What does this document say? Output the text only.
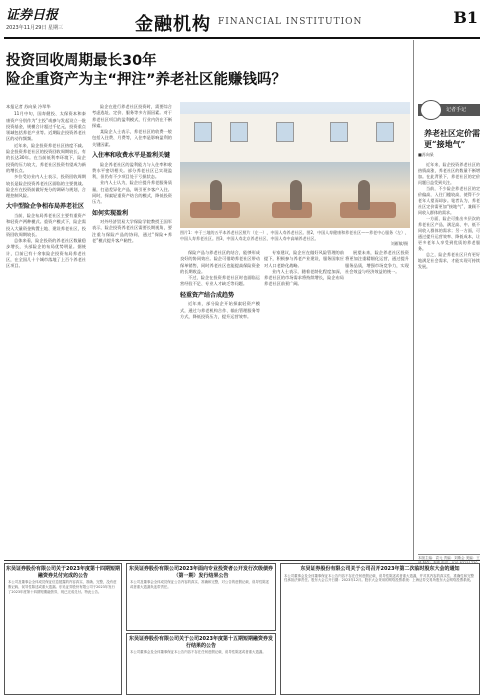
证券日报
2023年11月29日 星期三	金融机构 FINANCIAL INSTITUTION	B1
投资回收周期最长30年
险企重资产为主“押注”养老社区能赚钱吗？
本报记者 苏向杲 冷翠华

11月中旬，国寿健投、太保资本和泰康资产分别作为“主投”或参与发起设立一批投资基金，规模合计超过千亿元，投资重点领域包括养老产业等。近期险企投资养老社区的动作频频。

近年来，险企投资养老社区热度不减。险企投资养老社区的投资回收周期较长，有的长达30年。在当前低利率环境下，险企投资的压力较大，养老社区投资有望成为新的增长点。

多位受访业内人士表示，投资回收周期较长是险企投资养老社区面临的主要挑战。险企应在投资前做好充分的调研与规划，合理控制风险。

大中型险企争相布局养老社区

当前，险企布局养老社区主要有重资产和轻资产两种模式。重资产模式下，险企需投入大量资金购置土地、建设养老社区，投资回收周期较长。

总体来看，险企投资的养老社区数量稳步增长，头部险企的布局优势明显。据统计，目前已有十余家险企投资布局养老社区，在全国几十个城市落地了上百个养老社区项目。

险企在进行养老社区投资时，需要综合考虑选址、定价、服务等多方面因素。对于养老社区项目的盈利模式，行业内仍在不断探索。

某险企人士表示，养老社区的收费一般包括入住费、月费等，入住率是影响盈利的关键因素。

入住率和收费水平是盈利关键

险企养老社区的盈利能力与入住率和收费水平密切相关。部分养老社区已实现盈利，但仍有不少项目处于亏损状态。

业内人士认为，险企应提升养老服务质量，打造差异化产品，吸引更多客户入住。同时，探索轻重资产结合的模式，降低投资压力。

如何实现盈利

对外经济贸易大学保险学院教授王国军表示，险企投资养老社区需要长期视角，要注重与保险产品的协同，通过“保险+养老”模式提升客户黏性。

图片1：中于三地的五平本养老社区照片（左一），中国人寿养老社区。图2，中国人寿健康和养老社区——养老中心服务（左），中国人寿养老社区。图3，中国人寿北京养老社区、中国人寿中高端养老社区。
刘雁敏/摄

保险产品与养老社区的结合，能够形成良好的协同效应。险企可借助养老社区带动保单销售，同时养老社区也能提高保险资金的长期收益。

不过，险企在投资养老社区时也面临运营经验不足、专业人才缺乏等问题。

轻重资产结合成趋势

近年来，部分险企开始探索轻资产模式，通过与养老机构合作、输出管理服务等方式，降低投资压力，提升运营效率。

专家建议，险企应在做好风险管理的前提下，积极参与养老产业建设，服务国家应对人口老龄化战略。

业内人士表示，随着老龄化程度加深，养老社区的市场需求将持续增长，险企布局养老社区前景广阔。

展望未来，险企养老社区投资将更加注重精细化运营，通过提升服务品质，增强市场竞争力，实现社会效益与经济效益的统一。

记者手记
养老社区定价需更“接地气”
■苏向杲

近年来，险企投资养老社区的热情高涨，养老社区的数量不断增加。在此背景下，养老社区的定价问题日益受到关注。

当前，不少险企养老社区的定价偏高，入住门槛较高，使得不少老年人望而却步。笔者认为，养老社区定价需更加“接地气”，兼顾不同收入群体的需求。

一方面，险企可推出多层次的养老社区产品，满足高、中、低不同收入群体的需求；另一方面，可通过提升运营效率、降低成本，让更多老年人享受到优质的养老服务。

总之，险企养老社区只有更好地满足社会需求，才能实现可持续发展。

本版主编：袁元 责编：刘斯会 美编：王
东吴证券股份有限公司关于2023年度第十四期短期融资券兑付完成的公告
本公司及董事会全体成员保证信息披露的内容真实、准确、完整，没有虚假记载、误导性陈述或重大遗漏。东吴证券股份有限公司于2023年发行了2023年度第十四期短期融资券，现已完成兑付。特此公告。
东吴证券股份有限公司2023年面向专业投资者公开发行次级债券（第一期）发行结果公告
本公司及董事会全体成员保证公告内容的真实、准确和完整，对公告的虚假记载、误导性陈述或者重大遗漏负连带责任。
东吴证券股份有限公司关于公司2023年度第十五期短期融资券发行结果的公告
本公司董事会及全体董事保证本公告内容不存在任何虚假记载、误导性陈述或者重大遗漏。
东吴证券股份有限公司关于公司召开2023年第二次临时股东大会的通知
本公司董事会及全体董事保证本公告内容不存在任何虚假记载、误导性陈述或者重大遗漏，并对其内容的真实性、准确性和完整性承担法律责任。股东大会召开日期：2023年12月。股东大会采用的网络投票系统：上海证券交易所股东大会网络投票系统。
